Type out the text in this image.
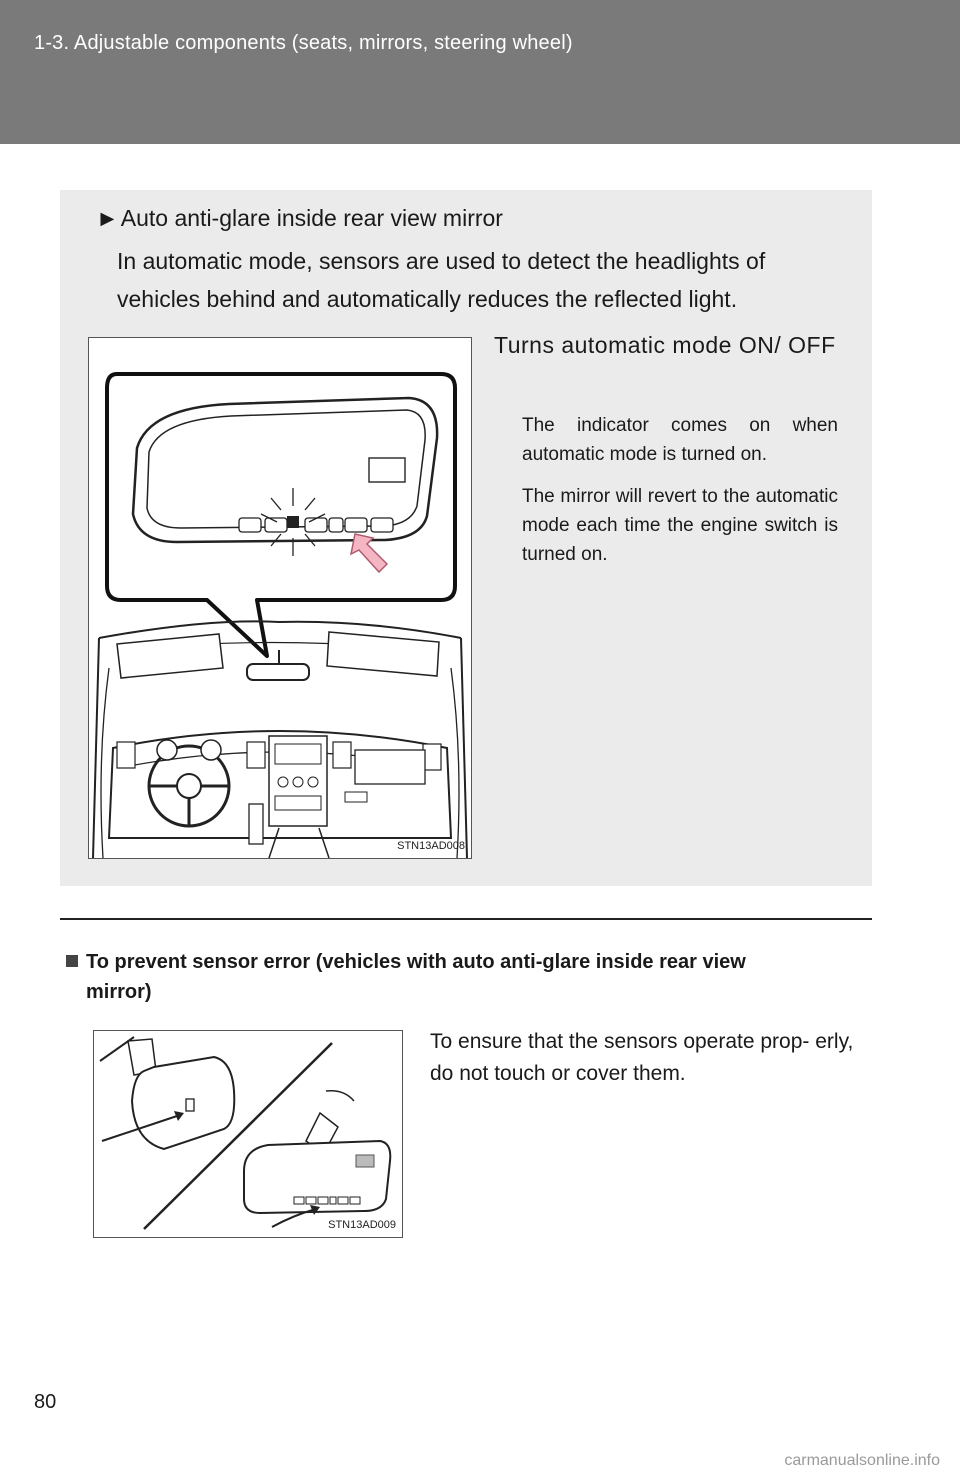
1-3. Adjustable components (seats, mirrors, steering wheel)
►Auto anti-glare inside rear view mirror
In automatic mode, sensors are used to detect the headlights of vehicles behind and automatically reduces the reflected light.
STN13AD008
Turns automatic mode ON/ OFF
The indicator comes on when automatic mode is turned on.
The mirror will revert to the automatic mode each time the engine switch is turned on.
To prevent sensor error (vehicles with auto anti-glare inside rear view
mirror)
STN13AD009
To ensure that the sensors operate prop- erly, do not touch or cover them.
80
carmanualsonline.info
